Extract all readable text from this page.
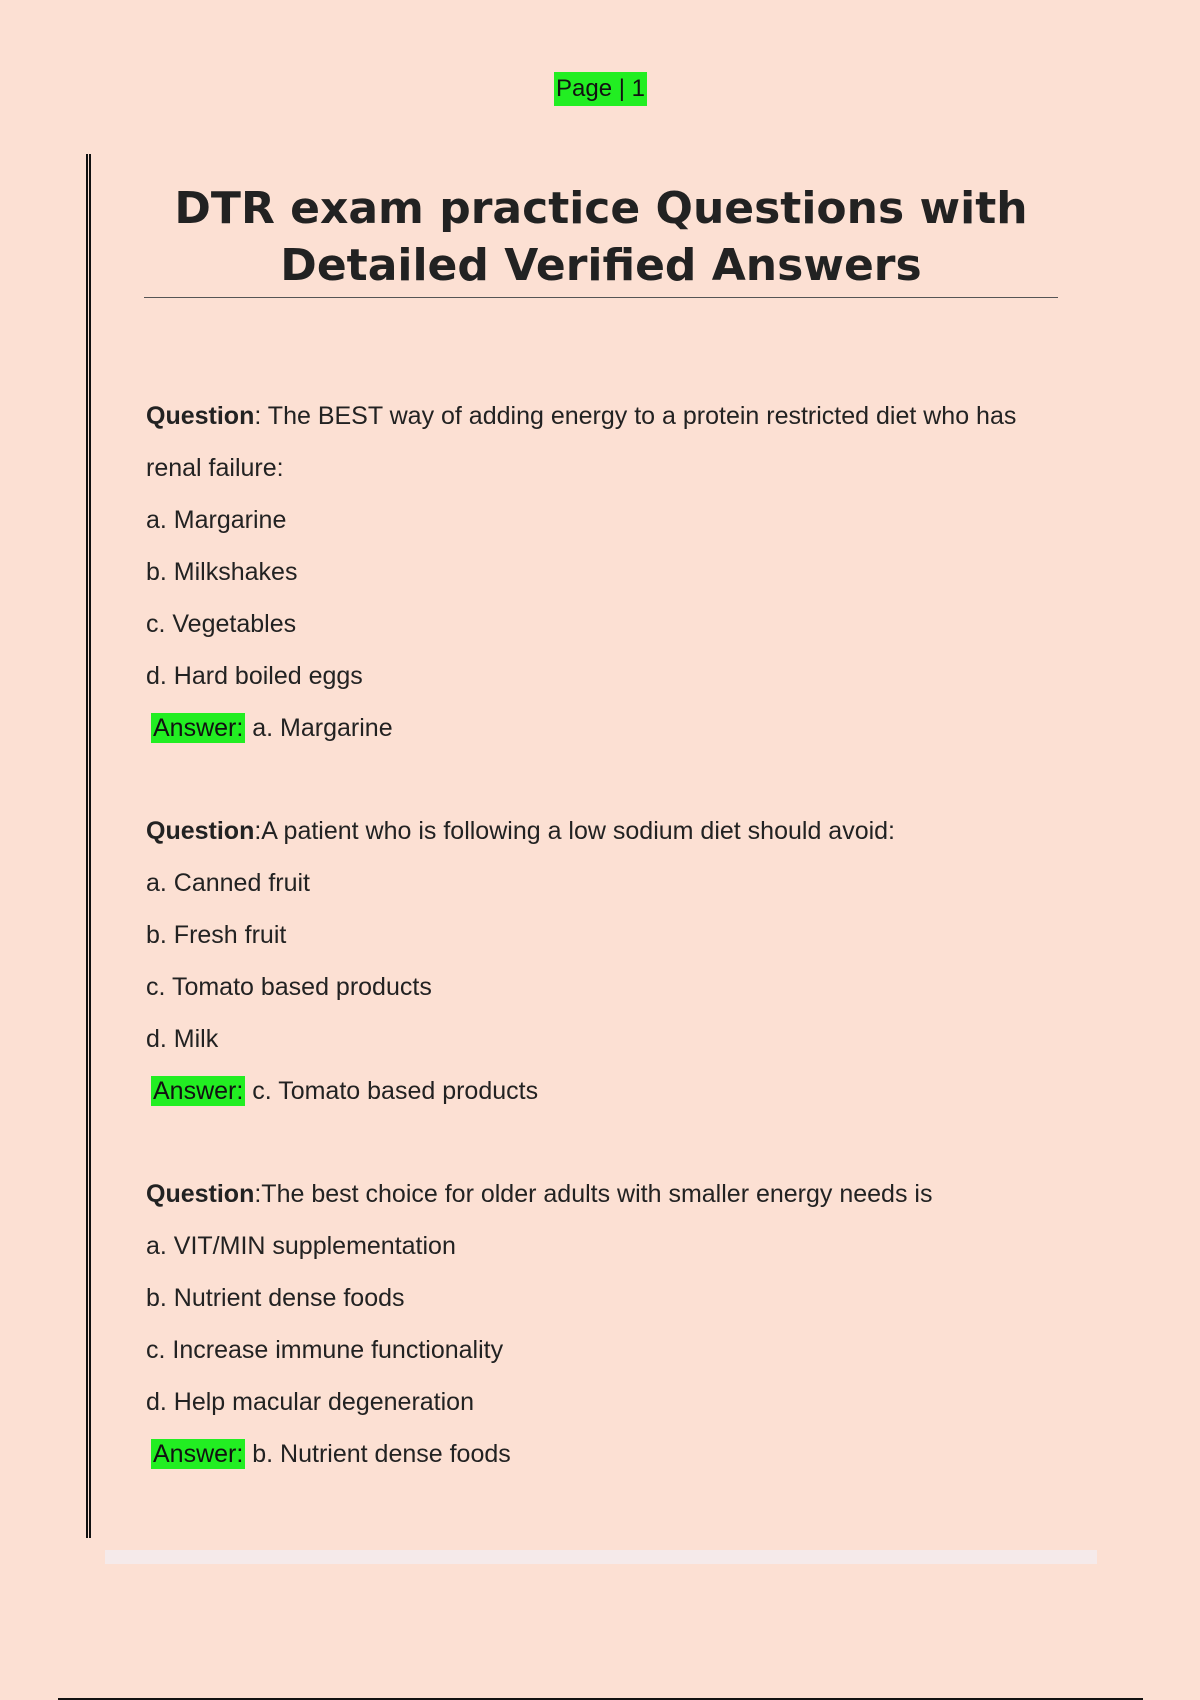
Page | 1
DTR exam practice Questions with Detailed Verified Answers
Question: The BEST way of adding energy to a protein restricted diet who has renal failure:
a. Margarine
b. Milkshakes
c. Vegetables
d. Hard boiled eggs
Answer: a. Margarine
Question:A patient who is following a low sodium diet should avoid:
a. Canned fruit
b. Fresh fruit
c. Tomato based products
d. Milk
Answer: c. Tomato based products
Question:The best choice for older adults with smaller energy needs is
a. VIT/MIN supplementation
b. Nutrient dense foods
c. Increase immune functionality
d. Help macular degeneration
Answer: b. Nutrient dense foods
